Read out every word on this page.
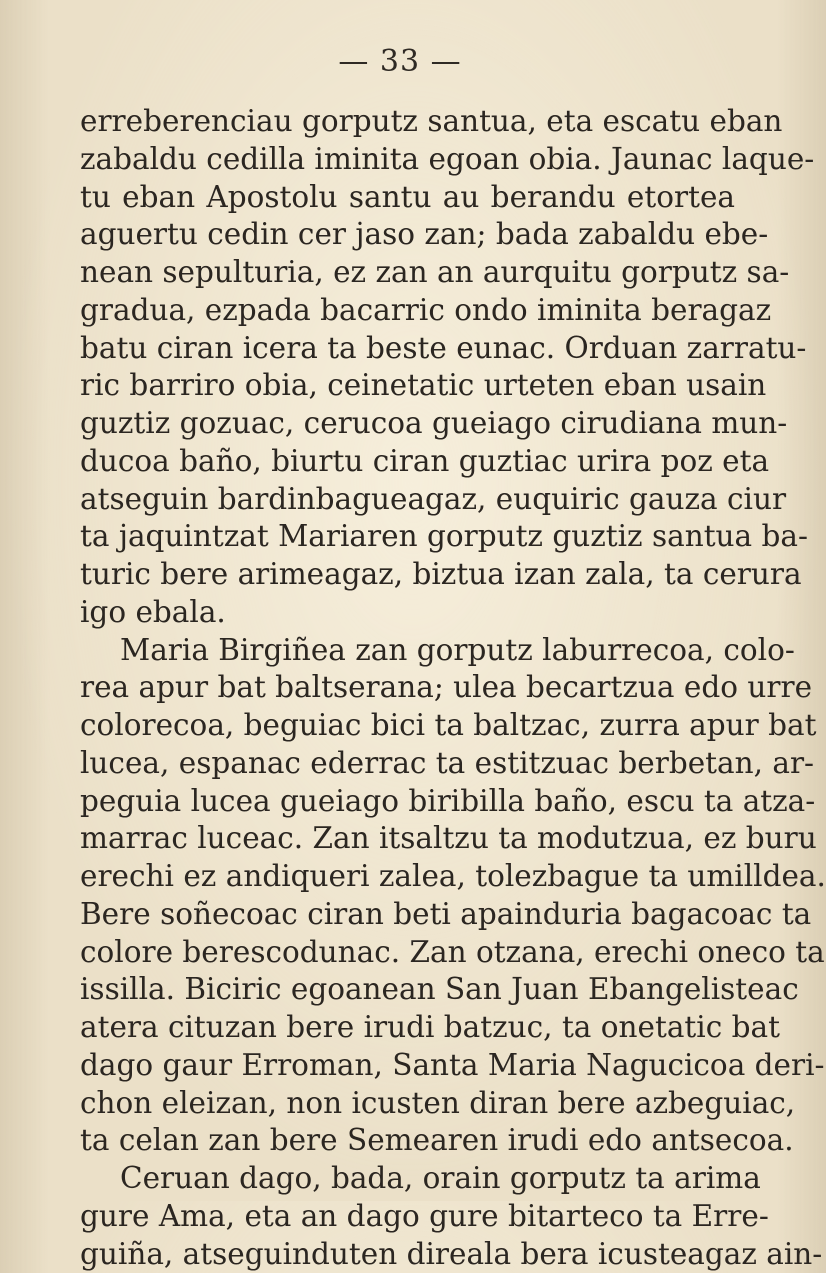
— 33 —
erreberenciau gorputz santua, eta escatu eban
zabaldu cedilla iminita egoan obia. Jaunac laque-
tu eban Apostolu santu au berandu etortea
aguertu cedin cer jaso zan; bada zabaldu ebe-
nean sepulturia, ez zan an aurquitu gorputz sa-
gradua, ezpada bacarric ondo iminita beragaz
batu ciran icera ta beste eunac. Orduan zarratu-
ric barriro obia, ceinetatic urteten eban usain
guztiz gozuac, cerucoa gueiago cirudiana mun-
ducoa baño, biurtu ciran guztiac urira poz eta
atseguin bardinbagueagaz, euquiric gauza ciur
ta jaquintzat Mariaren gorputz guztiz santua ba-
turic bere arimeagaz, biztua izan zala, ta cerura
igo ebala.
Maria Birgiñea zan gorputz laburrecoa, colo-
rea apur bat baltserana; ulea becartzua edo urre
colorecoa, beguiac bici ta baltzac, zurra apur bat
lucea, espanac ederrac ta estitzuac berbetan, ar-
peguia lucea gueiago biribilla baño, escu ta atza-
marrac luceac. Zan itsaltzu ta modutzua, ez buru
erechi ez andiqueri zalea, tolezbague ta umilldea.
Bere soñecoac ciran beti apainduria bagacoac ta
colore berescodunac. Zan otzana, erechi oneco ta
issilla. Biciric egoanean San Juan Ebangelisteac
atera cituzan bere irudi batzuc, ta onetatic bat
dago gaur Erroman, Santa Maria Nagucicoa deri-
chon eleizan, non icusten diran bere azbeguiac,
ta celan zan bere Semearen irudi edo antsecoa.
Ceruan dago, bada, orain gorputz ta arima
gure Ama, eta an dago gure bitarteco ta Erre-
guiña, atseguinduten direala bera icusteagaz ain-
